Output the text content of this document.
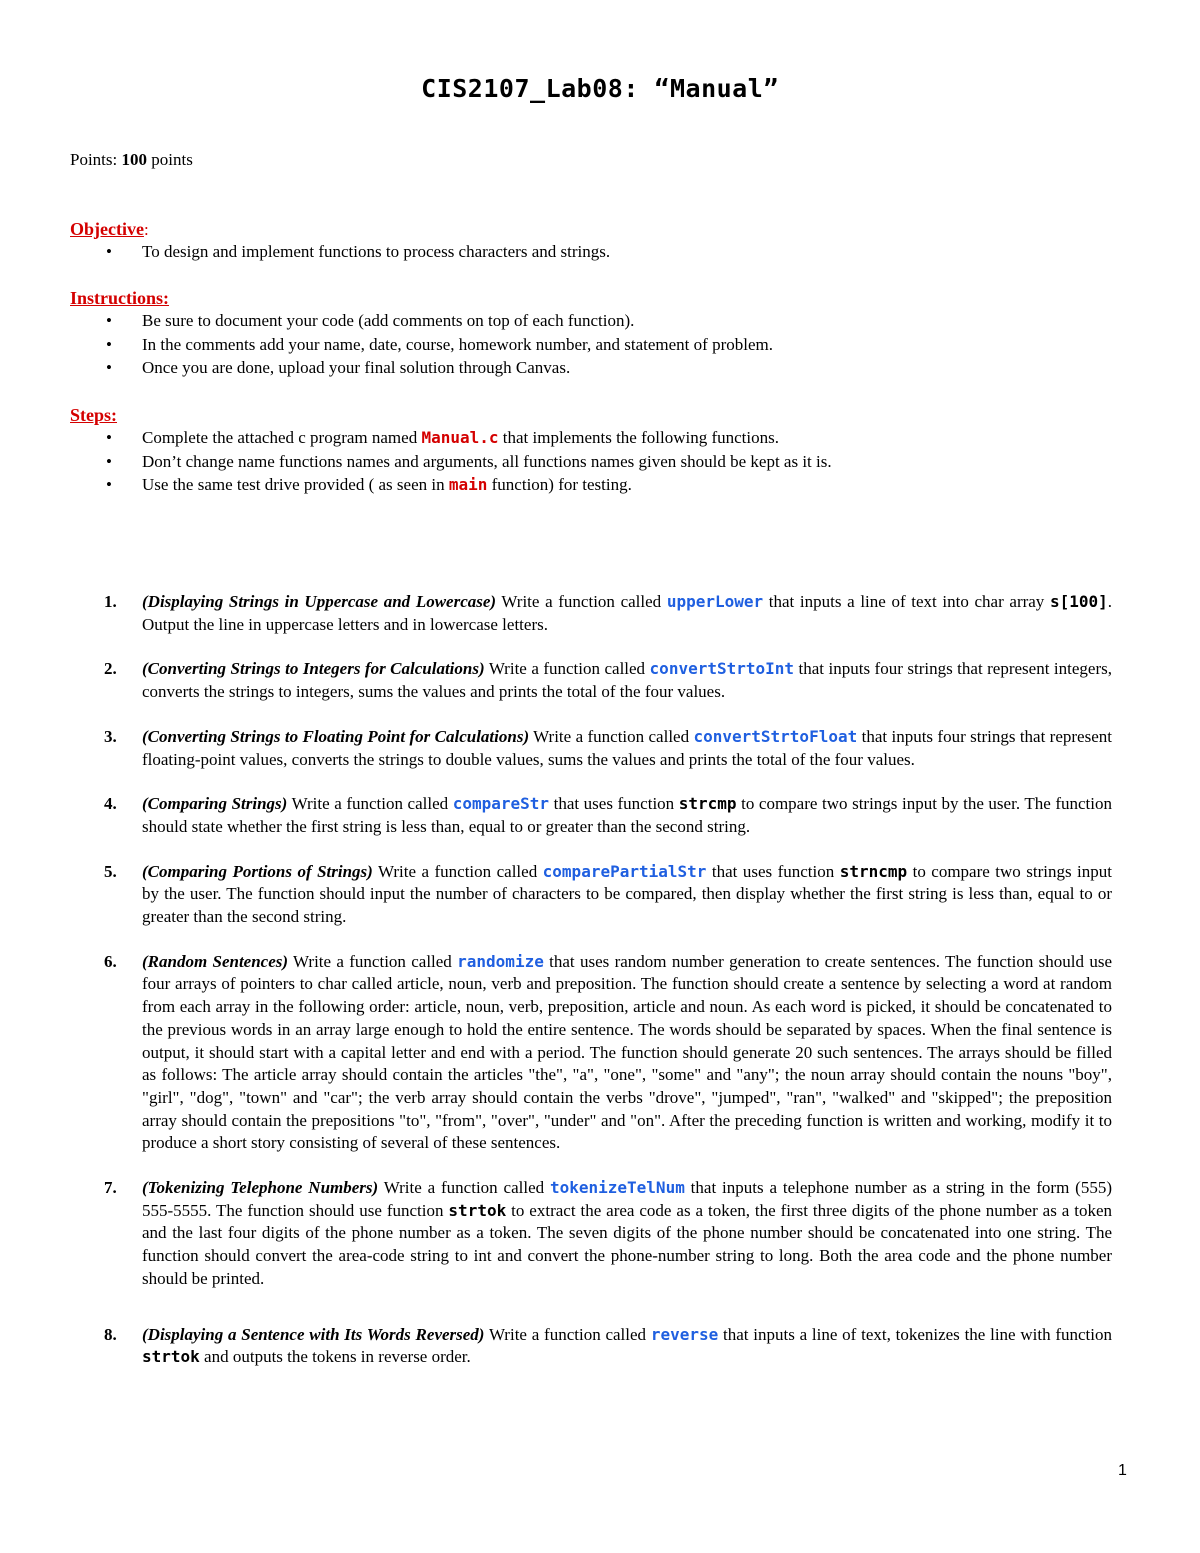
CIS2107_Lab08: “Manual”
Points: 100 points
Objective:
• To design and implement functions to process characters and strings.
Instructions:
• Be sure to document your code (add comments on top of each function).
• In the comments add your name, date, course, homework number, and statement of problem.
• Once you are done, upload your final solution through Canvas.
Steps:
• Complete the attached c program named Manual.c that implements the following functions.
• Don’t change name functions names and arguments, all functions names given should be kept as it is.
• Use the same test drive provided ( as seen in main function) for testing.
1. (Displaying Strings in Uppercase and Lowercase) Write a function called upperLower that inputs a line of text into char array s[100]. Output the line in uppercase letters and in lowercase letters.
2. (Converting Strings to Integers for Calculations) Write a function called convertStrtoInt that inputs four strings that represent integers, converts the strings to integers, sums the values and prints the total of the four values.
3. (Converting Strings to Floating Point for Calculations) Write a function called convertStrtoFloat that inputs four strings that represent floating-point values, converts the strings to double values, sums the values and prints the total of the four values.
4. (Comparing Strings) Write a function called compareStr that uses function strcmp to compare two strings input by the user. The function should state whether the first string is less than, equal to or greater than the second string.
5. (Comparing Portions of Strings) Write a function called comparePartialStr that uses function strncmp to compare two strings input by the user. The function should input the number of characters to be compared, then display whether the first string is less than, equal to or greater than the second string.
6. (Random Sentences) Write a function called randomize that uses random number generation to create sentences. The function should use four arrays of pointers to char called article, noun, verb and preposition. The function should create a sentence by selecting a word at random from each array in the following order: article, noun, verb, preposition, article and noun. As each word is picked, it should be concatenated to the previous words in an array large enough to hold the entire sentence. The words should be separated by spaces. When the final sentence is output, it should start with a capital letter and end with a period. The function should generate 20 such sentences. The arrays should be filled as follows: The article array should contain the articles "the", "a", "one", "some" and "any"; the noun array should contain the nouns "boy", "girl", "dog", "town" and "car"; the verb array should contain the verbs "drove", "jumped", "ran", "walked" and "skipped"; the preposition array should contain the prepositions "to", "from", "over", "under" and "on". After the preceding function is written and working, modify it to produce a short story consisting of several of these sentences.
7. (Tokenizing Telephone Numbers) Write a function called tokenizeTelNum that inputs a telephone number as a string in the form (555) 555-5555. The function should use function strtok to extract the area code as a token, the first three digits of the phone number as a token and the last four digits of the phone number as a token. The seven digits of the phone number should be concatenated into one string. The function should convert the area-code string to int and convert the phone-number string to long. Both the area code and the phone number should be printed.
8. (Displaying a Sentence with Its Words Reversed) Write a function called reverse that inputs a line of text, tokenizes the line with function strtok and outputs the tokens in reverse order.
1
